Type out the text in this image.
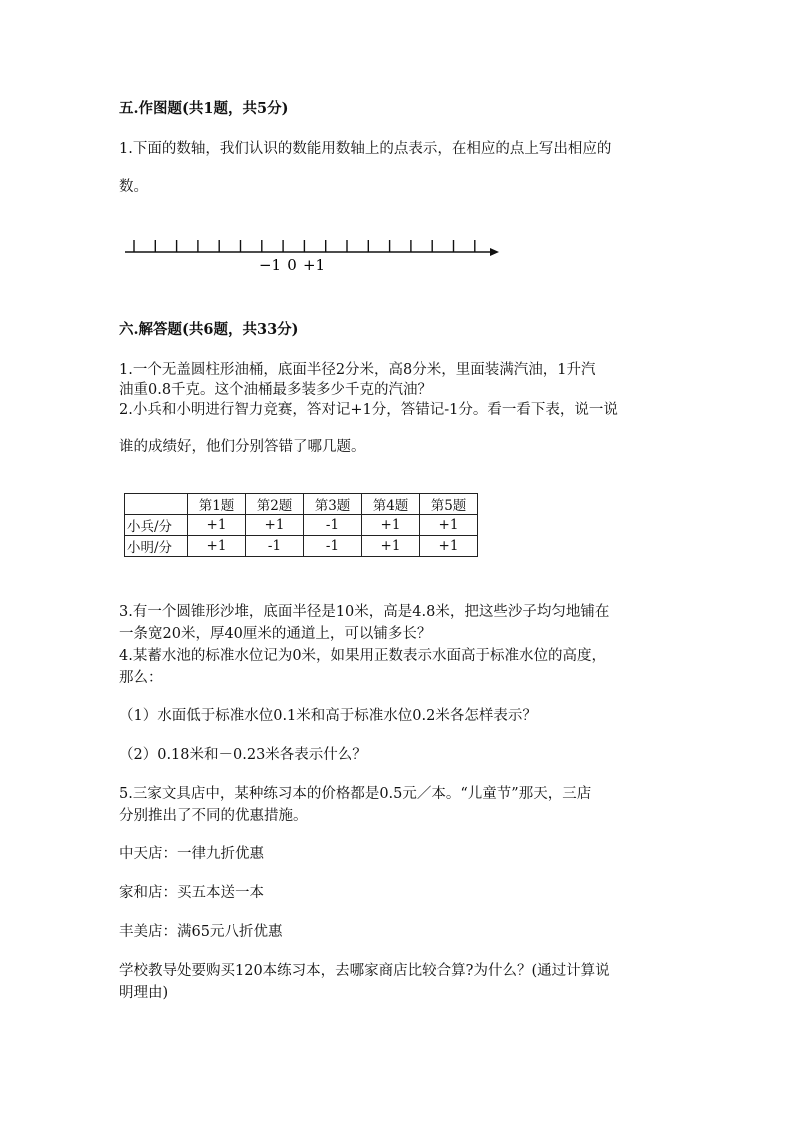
五.作图题(共1题，共5分)
1.下面的数轴，我们认识的数能用数轴上的点表示，在相应的点上写出相应的
数。
−1 0 +1
六.解答题(共6题，共33分)
1.一个无盖圆柱形油桶，底面半径2分米，高8分米，里面装满汽油，1升汽
油重0.8千克。这个油桶最多装多少千克的汽油？
2.小兵和小明进行智力竞赛，答对记+1分，答错记-1分。看一看下表，说一说
谁的成绩好，他们分别答错了哪几题。
	第1题	第2题	第3题	第4题	第5题
小兵/分	+1	+1	-1	+1	+1
小明/分	+1	-1	-1	+1	+1
3.有一个圆锥形沙堆，底面半径是10米，高是4.8米，把这些沙子均匀地铺在
一条宽20米，厚40厘米的通道上，可以铺多长？
4.某蓄水池的标准水位记为0米，如果用正数表示水面高于标准水位的高度，
那么：
（1）水面低于标准水位0.1米和高于标准水位0.2米各怎样表示？
（2）0.18米和－0.23米各表示什么？
5.三家文具店中，某种练习本的价格都是0.5元／本。“儿童节”那天，三店
分别推出了不同的优惠措施。
中天店：一律九折优惠
家和店：买五本送一本
丰美店：满65元八折优惠
学校教导处要购买120本练习本，去哪家商店比较合算?为什么？(通过计算说
明理由)
